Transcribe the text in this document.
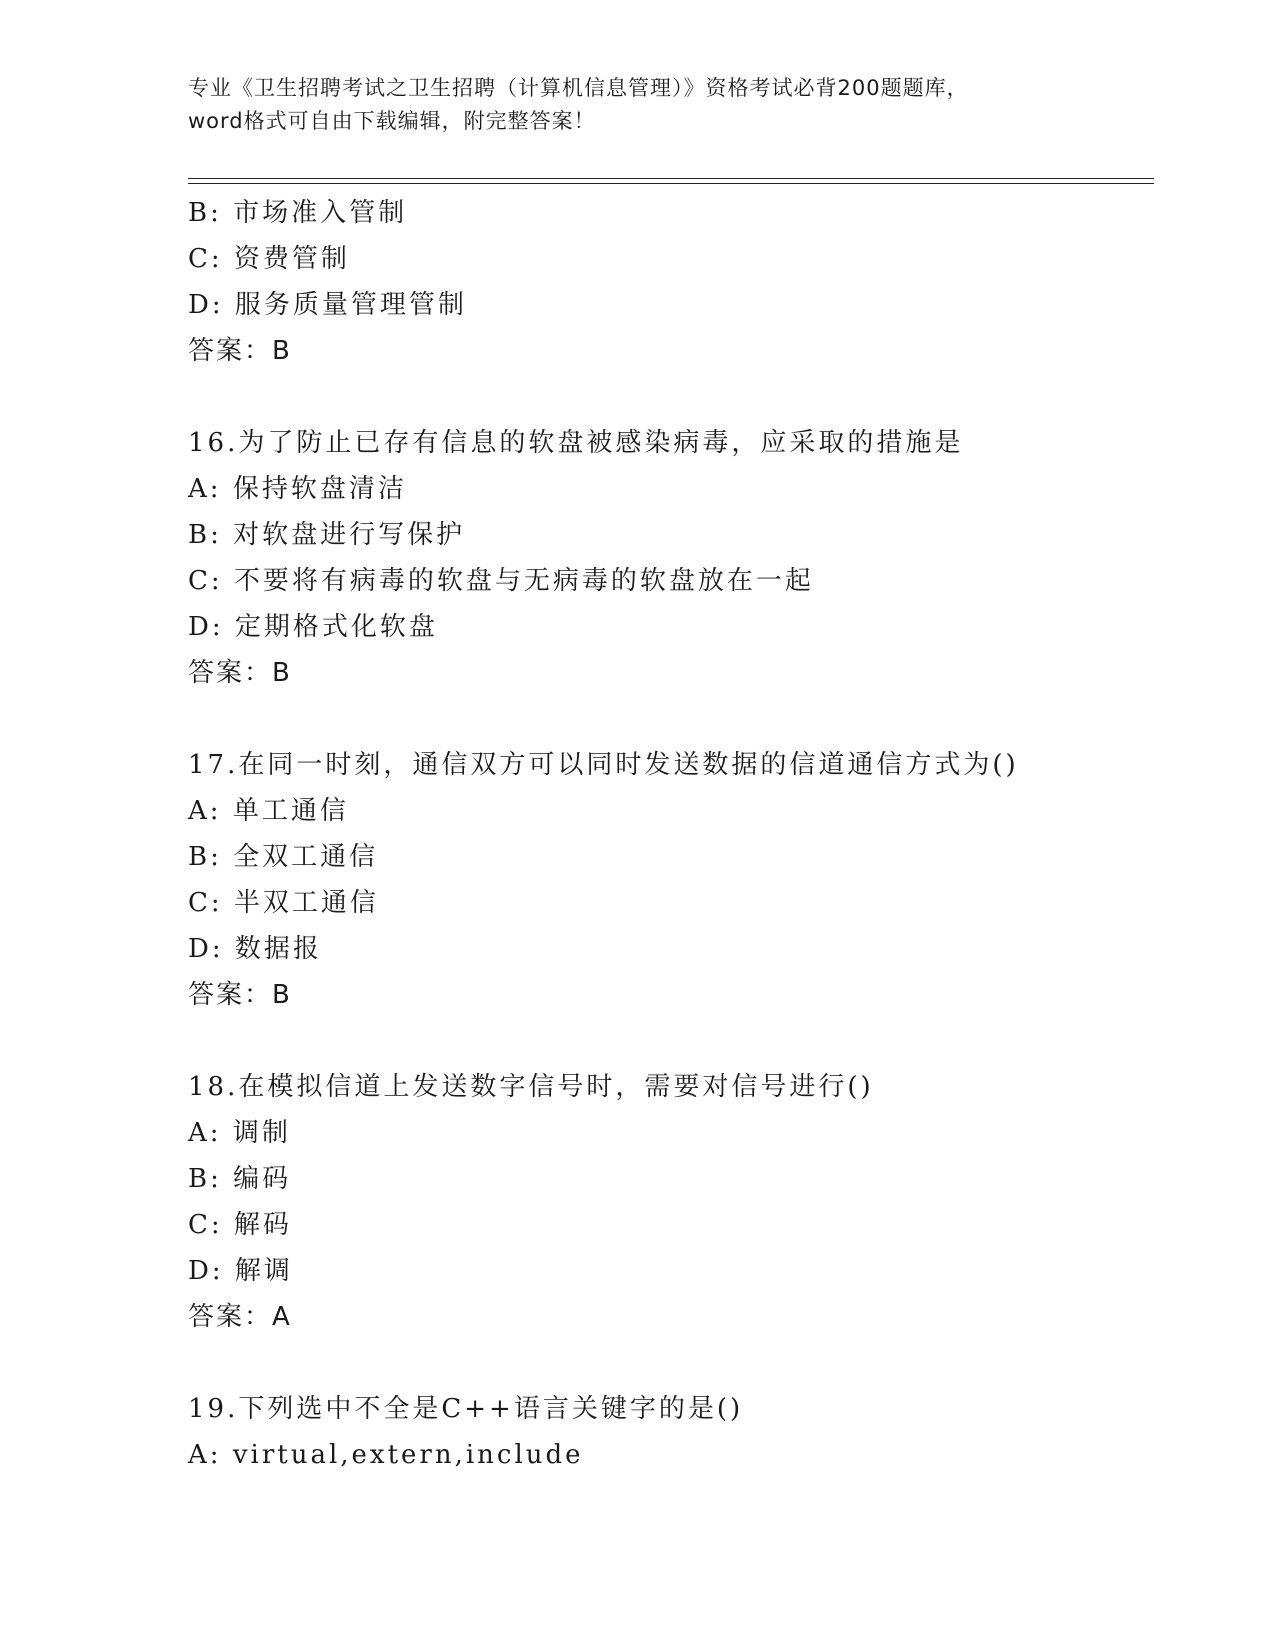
专业《卫生招聘考试之卫生招聘（计算机信息管理）》资格考试必背200题题库，
word格式可自由下载编辑，附完整答案！
B: 市场准入管制
C: 资费管制
D: 服务质量管理管制
答案：B
16.为了防止已存有信息的软盘被感染病毒，应采取的措施是
A: 保持软盘清洁
B: 对软盘进行写保护
C: 不要将有病毒的软盘与无病毒的软盘放在一起
D: 定期格式化软盘
答案：B
17.在同一时刻，通信双方可以同时发送数据的信道通信方式为()
A: 单工通信
B: 全双工通信
C: 半双工通信
D: 数据报
答案：B
18.在模拟信道上发送数字信号时，需要对信号进行()
A: 调制
B: 编码
C: 解码
D: 解调
答案：A
19.下列选中不全是C++语言关键字的是()
A: virtual,extern,include
